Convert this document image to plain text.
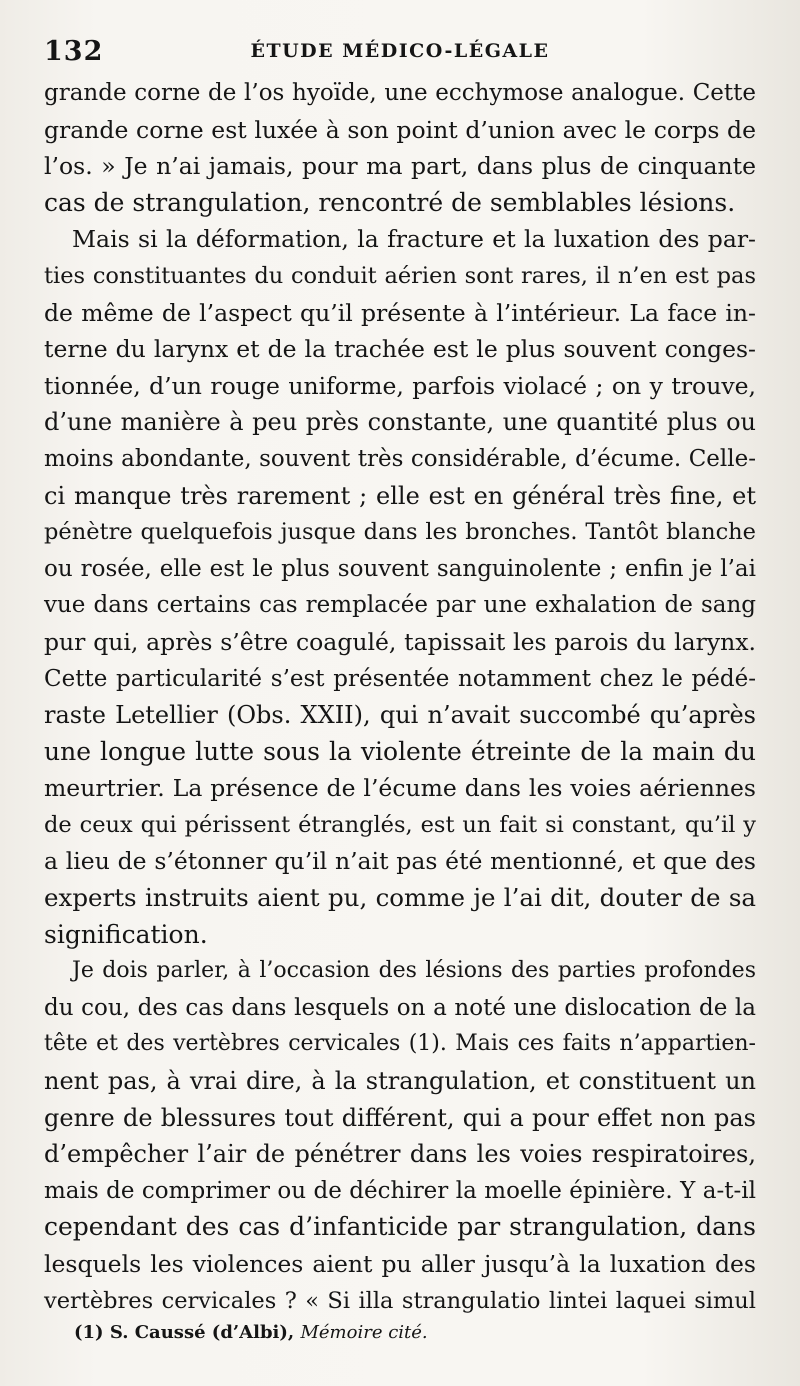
132	ÉTUDE MÉDICO-LÉGALE
grande corne de l’os hyoïde, une ecchymose analogue. Cette
grande corne est luxée à son point d’union avec le corps de
l’os. » Je n’ai jamais, pour ma part, dans plus de cinquante
cas de strangulation, rencontré de semblables lésions.
Mais si la déformation, la fracture et la luxation des par-
ties constituantes du conduit aérien sont rares, il n’en est pas
de même de l’aspect qu’il présente à l’intérieur. La face in-
terne du larynx et de la trachée est le plus souvent conges-
tionnée, d’un rouge uniforme, parfois violacé ; on y trouve,
d’une manière à peu près constante, une quantité plus ou
moins abondante, souvent très considérable, d’écume. Celle-
ci manque très rarement ; elle est en général très fine, et
pénètre quelquefois jusque dans les bronches. Tantôt blanche
ou rosée, elle est le plus souvent sanguinolente ; enfin je l’ai
vue dans certains cas remplacée par une exhalation de sang
pur qui, après s’être coagulé, tapissait les parois du larynx.
Cette particularité s’est présentée notamment chez le pédé-
raste Letellier (Obs. XXII), qui n’avait succombé qu’après
une longue lutte sous la violente étreinte de la main du
meurtrier. La présence de l’écume dans les voies aériennes
de ceux qui périssent étranglés, est un fait si constant, qu’il y
a lieu de s’étonner qu’il n’ait pas été mentionné, et que des
experts instruits aient pu, comme je l’ai dit, douter de sa
signification.
Je dois parler, à l’occasion des lésions des parties profondes
du cou, des cas dans lesquels on a noté une dislocation de la
tête et des vertèbres cervicales (1). Mais ces faits n’appartien-
nent pas, à vrai dire, à la strangulation, et constituent un
genre de blessures tout différent, qui a pour effet non pas
d’empêcher l’air de pénétrer dans les voies respiratoires,
mais de comprimer ou de déchirer la moelle épinière. Y a-t-il
cependant des cas d’infanticide par strangulation, dans
lesquels les violences aient pu aller jusqu’à la luxation des
vertèbres cervicales ? « Si illa strangulatio lintei laquei simul
(1) S. Caussé (d’Albi), Mémoire cité.
